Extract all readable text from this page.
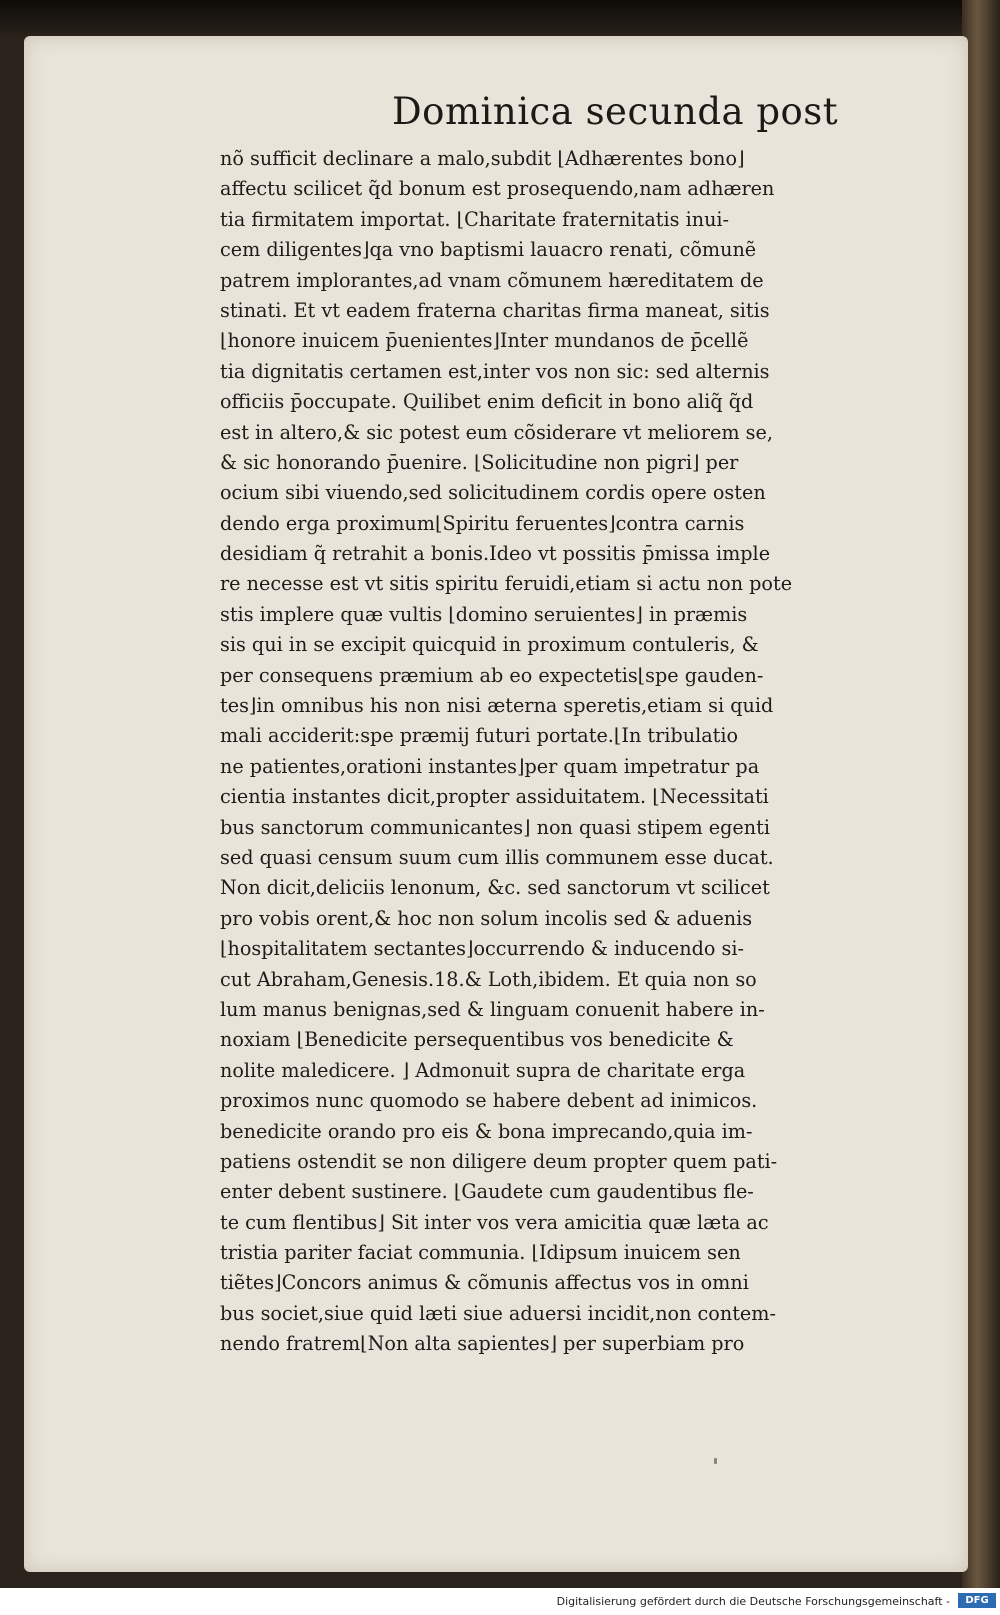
Dominica secunda post
nõ sufficit declinare a malo,subdit ⌊Adhærentes bono⌋
affectu scilicet q̃d bonum est prosequendo,nam adhæren
tia firmitatem importat. ⌊Charitate fraternitatis inui-
cem diligentes⌋qa vno baptismi lauacro renati, cõmunẽ
patrem implorantes,ad vnam cõmunem hæreditatem de
stinati. Et vt eadem fraterna charitas firma maneat, sitis
⌊honore inuicem p̄uenientes⌋Inter mundanos de p̄cellẽ
tia dignitatis certamen est,inter vos non sic: sed alternis
officiis p̄occupate. Quilibet enim deficit in bono aliq̃ q̃d
est in altero,& sic potest eum cõsiderare vt meliorem se,
& sic honorando p̄uenire. ⌊Solicitudine non pigri⌋ per
ocium sibi viuendo,sed solicitudinem cordis opere osten
dendo erga proximum⌊Spiritu feruentes⌋contra carnis
desidiam q̃ retrahit a bonis.Ideo vt possitis p̄missa imple
re necesse est vt sitis spiritu feruidi,etiam si actu non pote
stis implere quæ vultis ⌊domino seruientes⌋ in præmis
sis qui in se excipit quicquid in proximum contuleris, &
per consequens præmium ab eo expectetis⌊spe gauden-
tes⌋in omnibus his non nisi æterna speretis,etiam si quid
mali acciderit:spe præmij futuri portate.⌊In tribulatio
ne patientes,orationi instantes⌋per quam impetratur pa
cientia instantes dicit,propter assiduitatem. ⌊Necessitati
bus sanctorum communicantes⌋ non quasi stipem egenti
sed quasi censum suum cum illis communem esse ducat.
Non dicit,deliciis lenonum, &c. sed sanctorum vt scilicet
pro vobis orent,& hoc non solum incolis sed & aduenis
⌊hospitalitatem sectantes⌋occurrendo & inducendo si-
cut Abraham,Genesis.18.& Loth,ibidem. Et quia non so
lum manus benignas,sed & linguam conuenit habere in-
noxiam ⌊Benedicite persequentibus vos benedicite &
nolite maledicere. ⌋ Admonuit supra de charitate erga
proximos nunc quomodo se habere debent ad inimicos.
benedicite orando pro eis & bona imprecando,quia im-
patiens ostendit se non diligere deum propter quem pati-
enter debent sustinere. ⌊Gaudete cum gaudentibus fle-
te cum flentibus⌋ Sit inter vos vera amicitia quæ læta ac
tristia pariter faciat communia. ⌊Idipsum inuicem sen
tiẽtes⌋Concors animus & cõmunis affectus vos in omni
bus societ,siue quid læti siue aduersi incidit,non contem-
nendo fratrem⌊Non alta sapientes⌋ per superbiam pro
Digitalisierung gefördert durch die Deutsche Forschungsgemeinschaft -	DFG
